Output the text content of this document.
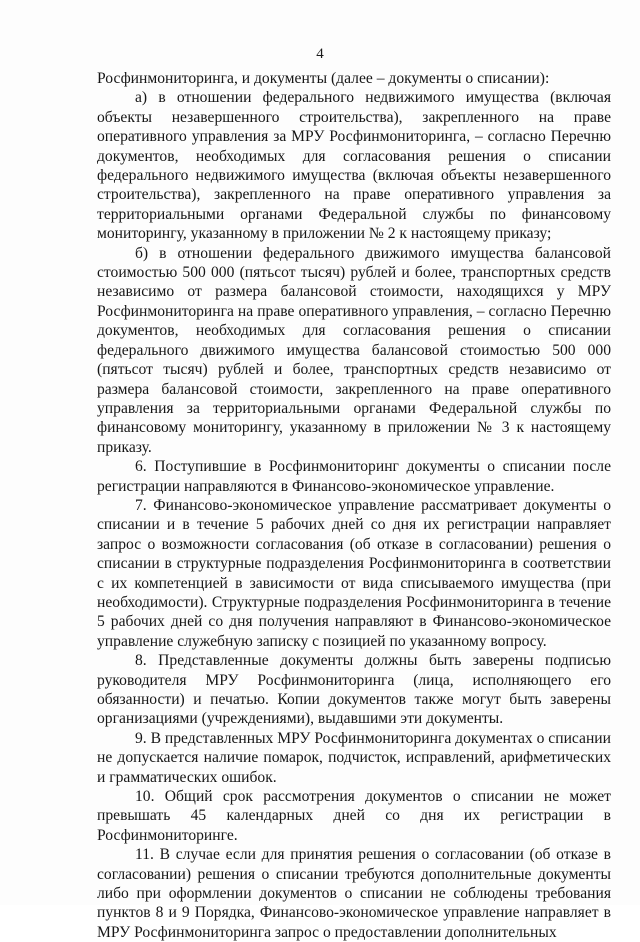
4

Росфинмониторинга, и документы (далее – документы о списании):

а) в отношении федерального недвижимого имущества (включая объекты незавершенного строительства), закрепленного на праве оперативного управления за МРУ Росфинмониторинга, – согласно Перечню документов, необходимых для согласования решения о списании федерального недвижимого имущества (включая объекты незавершенного строительства), закрепленного на праве оперативного управления за территориальными органами Федеральной службы по финансовому мониторингу, указанному в приложении № 2 к настоящему приказу;

б) в отношении федерального движимого имущества балансовой стоимостью 500 000 (пятьсот тысяч) рублей и более, транспортных средств независимо от размера балансовой стоимости, находящихся у МРУ Росфинмониторинга на праве оперативного управления, – согласно Перечню документов, необходимых для согласования решения о списании федерального движимого имущества балансовой стоимостью 500 000 (пятьсот тысяч) рублей и более, транспортных средств независимо от размера балансовой стоимости, закрепленного на праве оперативного управления за территориальными органами Федеральной службы по финансовому мониторингу, указанному в приложении № 3 к настоящему приказу.

6. Поступившие в Росфинмониторинг документы о списании после регистрации направляются в Финансово-экономическое управление.

7. Финансово-экономическое управление рассматривает документы о списании и в течение 5 рабочих дней со дня их регистрации направляет запрос о возможности согласования (об отказе в согласовании) решения о списании в структурные подразделения Росфинмониторинга в соответствии с их компетенцией в зависимости от вида списываемого имущества (при необходимости). Структурные подразделения Росфинмониторинга в течение 5 рабочих дней со дня получения направляют в Финансово-экономическое управление служебную записку с позицией по указанному вопросу.

8. Представленные документы должны быть заверены подписью руководителя МРУ Росфинмониторинга (лица, исполняющего его обязанности) и печатью. Копии документов также могут быть заверены организациями (учреждениями), выдавшими эти документы.

9. В представленных МРУ Росфинмониторинга документах о списании не допускается наличие помарок, подчисток, исправлений, арифметических и грамматических ошибок.

10. Общий срок рассмотрения документов о списании не может превышать 45 календарных дней со дня их регистрации в Росфинмониторинге.

11. В случае если для принятия решения о согласовании (об отказе в согласовании) решения о списании требуются дополнительные документы либо при оформлении документов о списании не соблюдены требования пунктов 8 и 9 Порядка, Финансово-экономическое управление направляет в МРУ Росфинмониторинга запрос о предоставлении дополнительных
